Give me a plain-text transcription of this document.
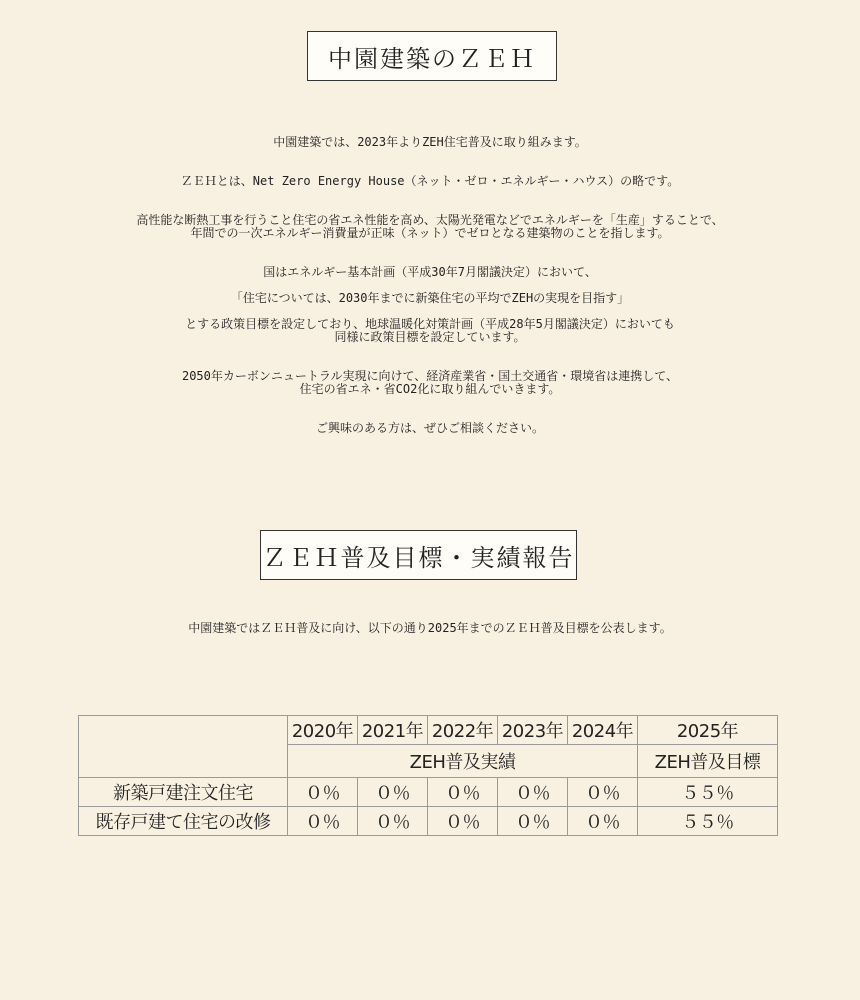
中園建築のＺＥＨ
中園建築では、2023年よりZEH住宅普及に取り組みます。
ＺＥＨとは、Net Zero Energy House（ネット・ゼロ・エネルギー・ハウス）の略です。
高性能な断熱工事を行うこと住宅の省エネ性能を高め、太陽光発電などでエネルギーを「生産」することで、
年間での一次エネルギー消費量が正味（ネット）でゼロとなる建築物のことを指します。
国はエネルギー基本計画（平成30年7月閣議決定）において、
「住宅については、2030年までに新築住宅の平均でZEHの実現を目指す」
とする政策目標を設定しており、地球温暖化対策計画（平成28年5月閣議決定）においても
同様に政策目標を設定しています。
2050年カーボンニュートラル実現に向けて、経済産業省・国土交通省・環境省は連携して、
住宅の省エネ・省CO2化に取り組んでいきます。
ご興味のある方は、ぜひご相談ください。
ＺＥＨ普及目標・実績報告
中園建築ではＺＥＨ普及に向け、以下の通り2025年までのＺＥＨ普及目標を公表します。
	2020年	2021年	2022年	2023年	2024年	2025年
	ZEH普及実績					ZEH普及目標
新築戸建注文住宅	０％	０％	０％	０％	０％	５５％
既存戸建て住宅の改修	０％	０％	０％	０％	０％	５５％
